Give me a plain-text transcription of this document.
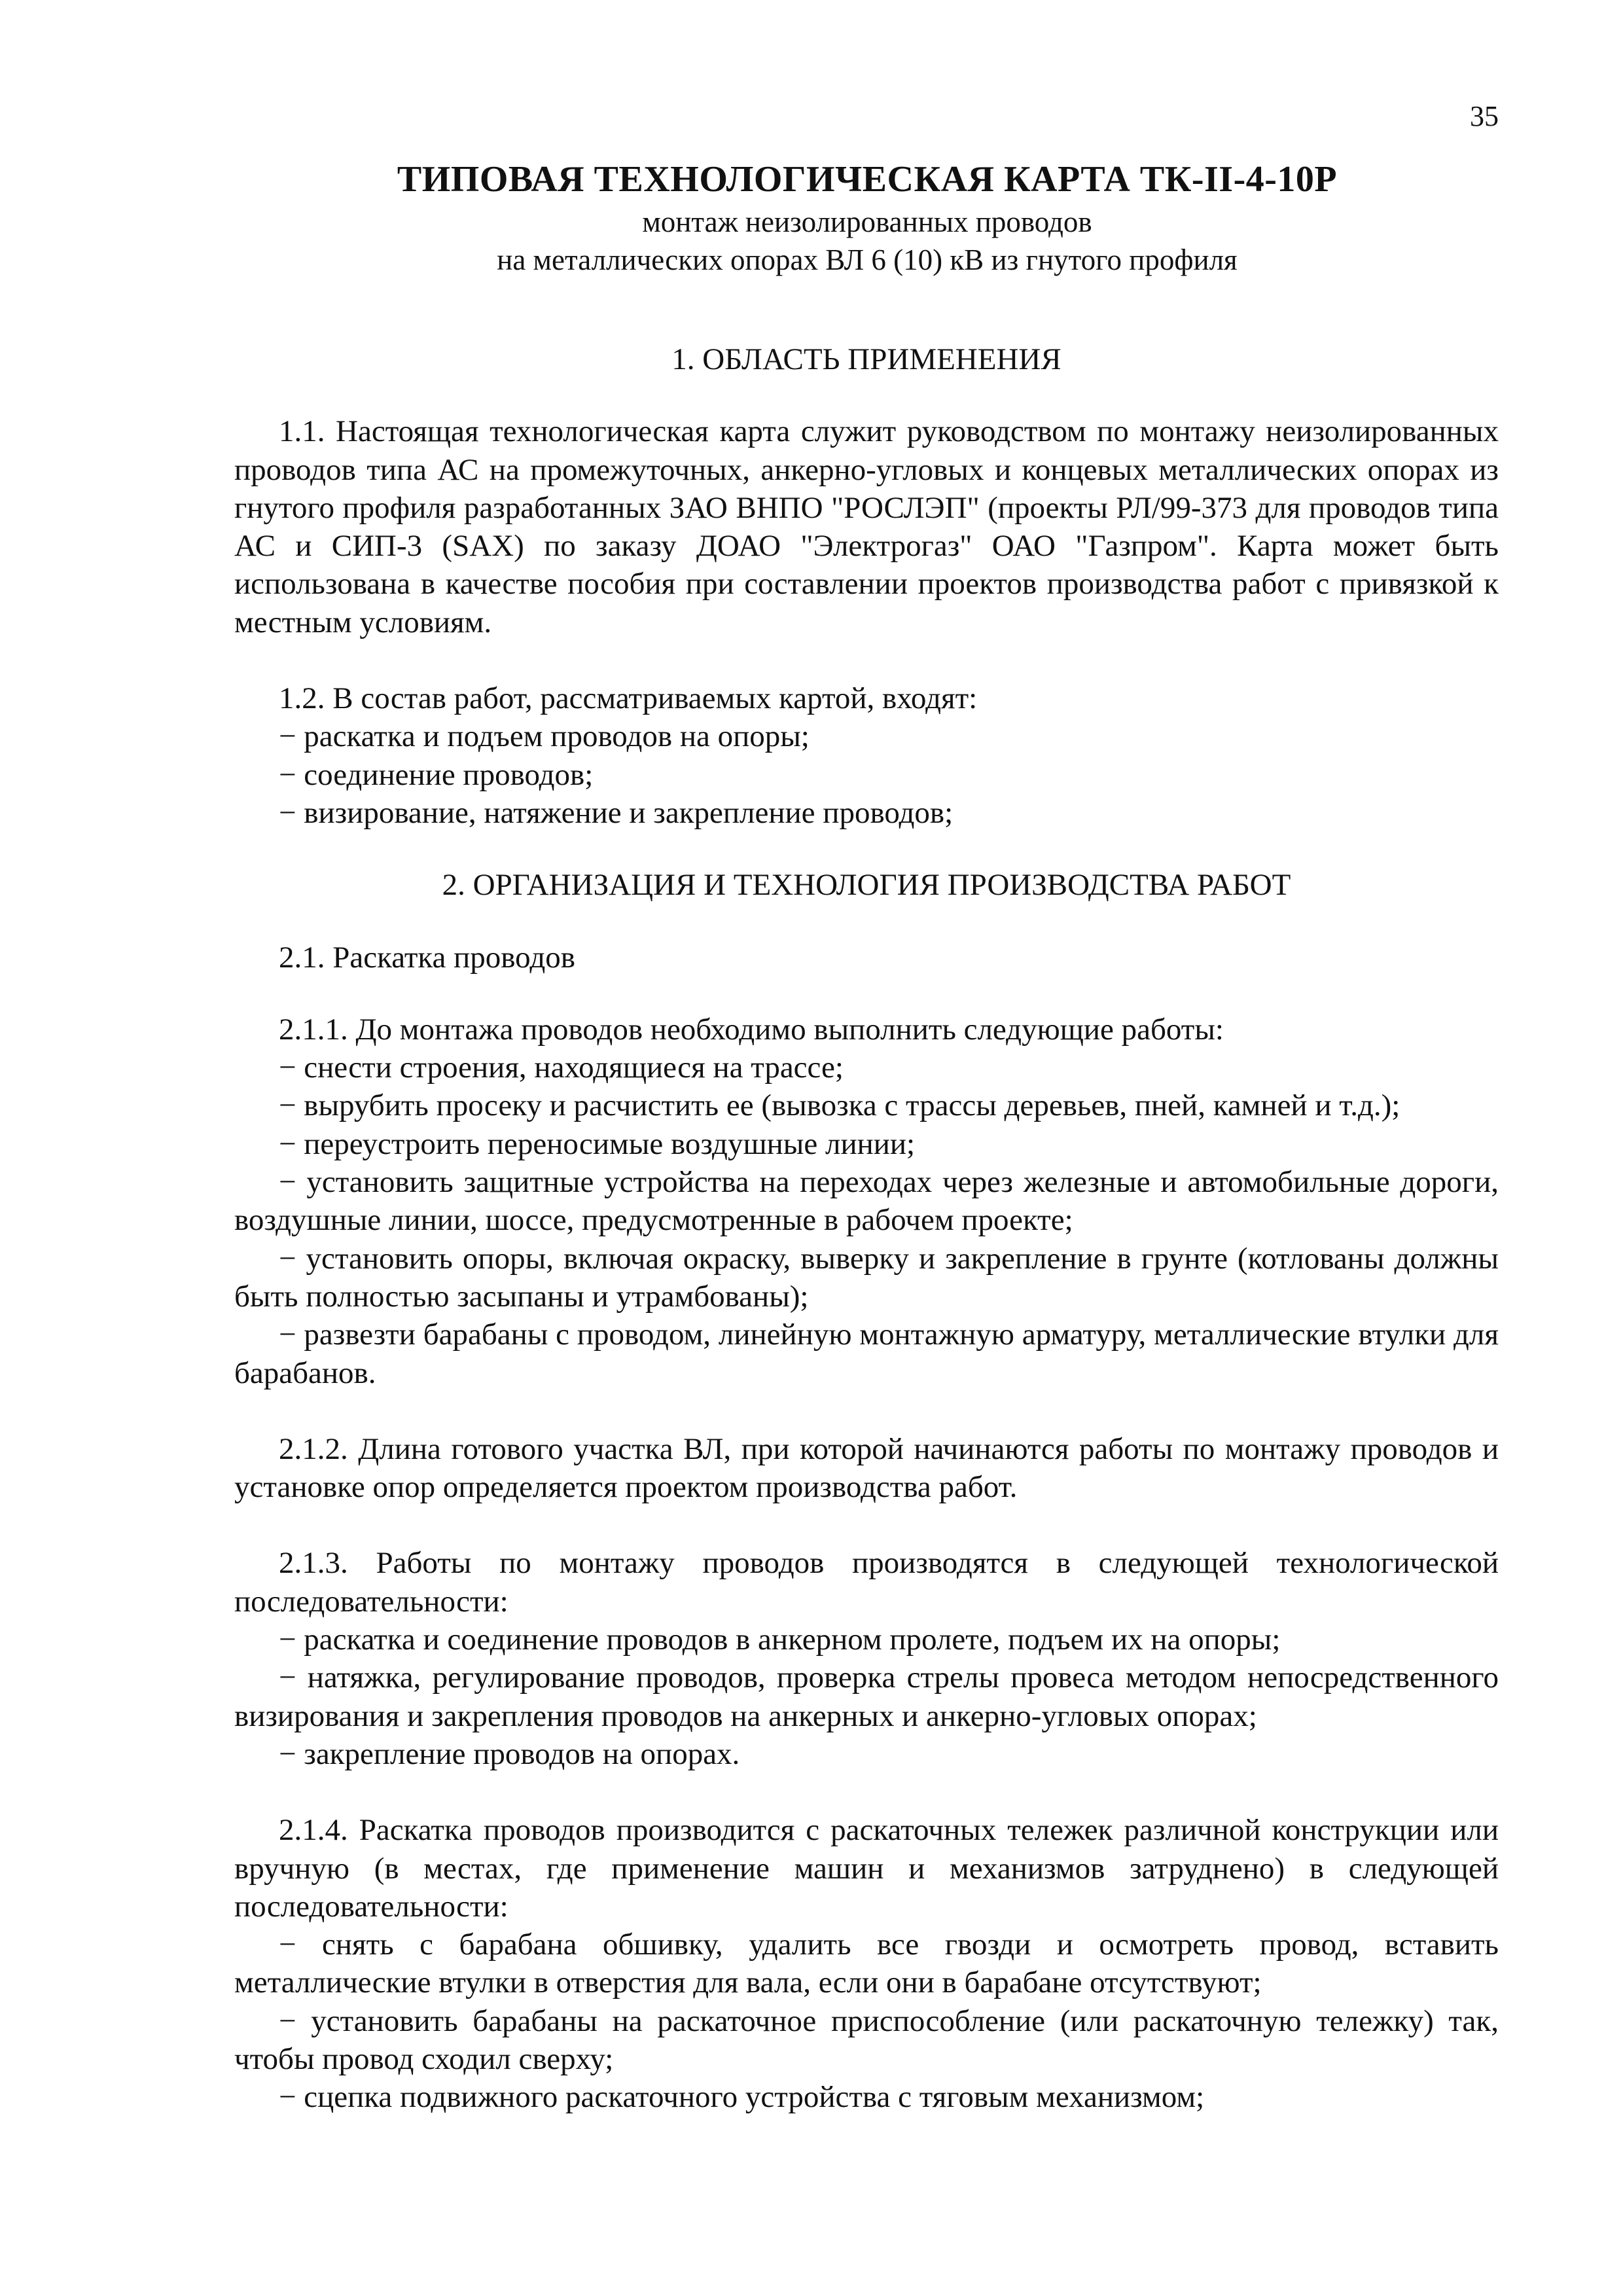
35
ТИПОВАЯ ТЕХНОЛОГИЧЕСКАЯ КАРТА ТК-II-4-10Р
монтаж неизолированных проводов
на металлических опорах ВЛ 6 (10) кВ из гнутого профиля

1. ОБЛАСТЬ ПРИМЕНЕНИЯ

1.1. Настоящая технологическая карта служит руководством по монтажу неизолированных проводов типа АС на промежуточных, анкерно-угловых и концевых металлических опорах из гнутого профиля разработанных ЗАО ВНПО "РОСЛЭП" (проекты РЛ/99-373 для проводов типа АС и СИП-3 (SAX) по заказу ДОАО "Электрогаз" ОАО "Газпром". Карта может быть использована в качестве пособия при составлении проектов производства работ с привязкой к местным условиям.

1.2. В состав работ, рассматриваемых картой, входят:

− раскатка и подъем проводов на опоры;

− соединение проводов;

− визирование, натяжение и закрепление проводов;

2. ОРГАНИЗАЦИЯ И ТЕХНОЛОГИЯ ПРОИЗВОДСТВА РАБОТ

2.1. Раскатка проводов

2.1.1. До монтажа проводов необходимо выполнить следующие работы:

− снести строения, находящиеся на трассе;

− вырубить просеку и расчистить ее (вывозка с трассы деревьев, пней, камней и т.д.);

− переустроить переносимые воздушные линии;

− установить защитные устройства на переходах через железные и автомобильные дороги, воздушные линии, шоссе, предусмотренные в рабочем проекте;

− установить опоры, включая окраску, выверку и закрепление в грунте (котлованы должны быть полностью засыпаны и утрамбованы);

− развезти барабаны с проводом, линейную монтажную арматуру, металлические втулки для барабанов.

2.1.2. Длина готового участка ВЛ, при которой начинаются работы по монтажу проводов и установке опор определяется проектом производства работ.

2.1.3. Работы по монтажу проводов производятся в следующей технологической последовательности:

− раскатка и соединение проводов в анкерном пролете, подъем их на опоры;

− натяжка, регулирование проводов, проверка стрелы провеса методом непосредственного визирования и закрепления проводов на анкерных и анкерно-угловых опорах;

− закрепление проводов на опорах.

2.1.4. Раскатка проводов производится с раскаточных тележек различной конструкции или вручную (в местах, где применение машин и механизмов затруднено) в следующей последовательности:

− снять с барабана обшивку, удалить все гвозди и осмотреть провод, вставить металлические втулки в отверстия для вала, если они в барабане отсутствуют;

− установить барабаны на раскаточное приспособление (или раскаточную тележку) так, чтобы провод сходил сверху;

− сцепка подвижного раскаточного устройства с тяговым механизмом;
